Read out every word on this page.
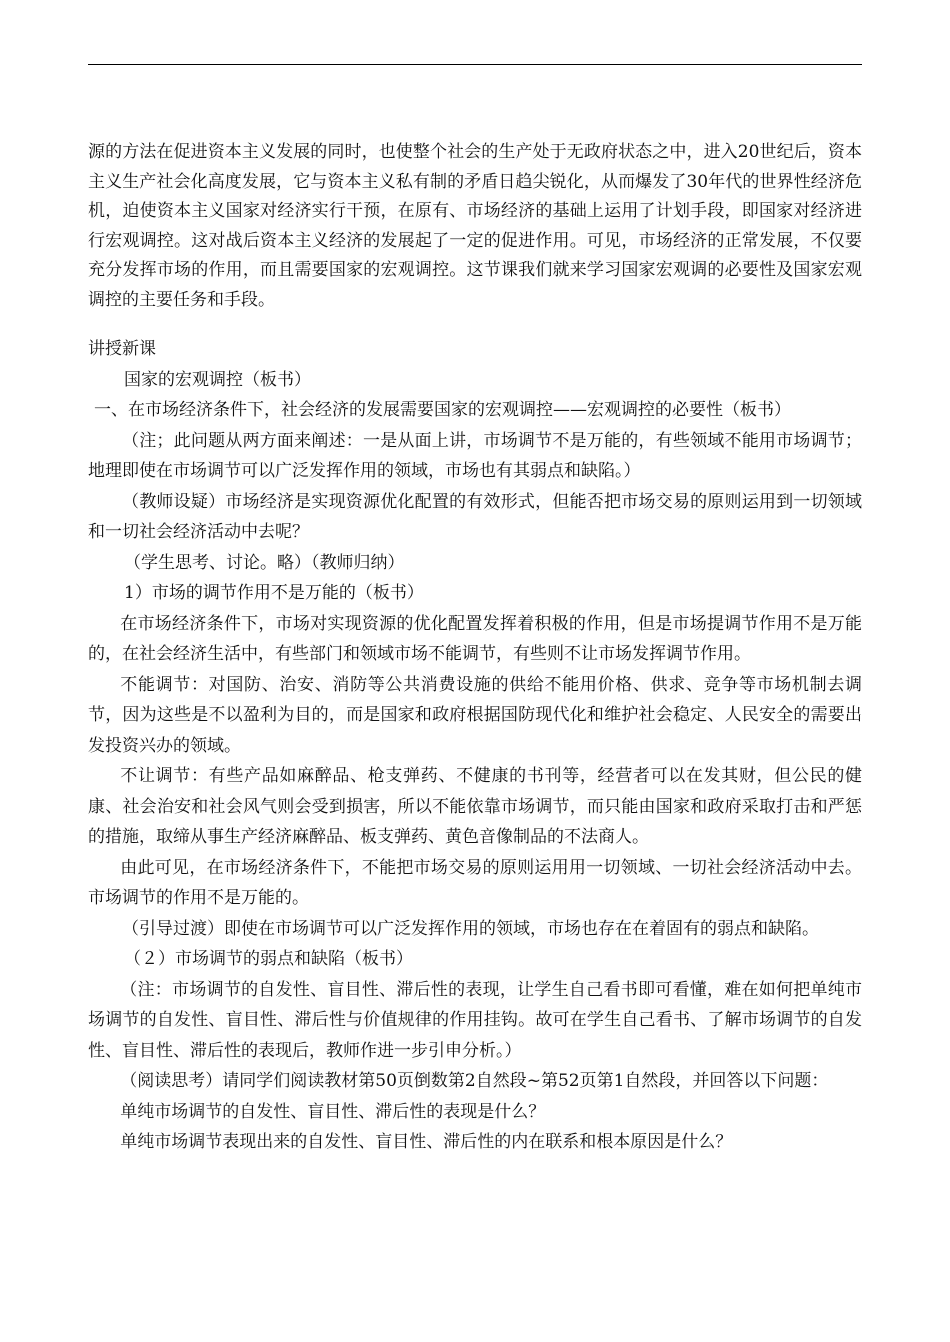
源的方法在促进资本主义发展的同时，也使整个社会的生产处于无政府状态之中，进入20世纪后，资本主义生产社会化高度发展，它与资本主义私有制的矛盾日趋尖锐化，从而爆发了30年代的世界性经济危机，迫使资本主义国家对经济实行干预，在原有、市场经济的基础上运用了计划手段，即国家对经济进行宏观调控。这对战后资本主义经济的发展起了一定的促进作用。可见，市场经济的正常发展，不仅要充分发挥市场的作用，而且需要国家的宏观调控。这节课我们就来学习国家宏观调的必要性及国家宏观调控的主要任务和手段。

讲授新课

国家的宏观调控（板书）

一、在市场经济条件下，社会经济的发展需要国家的宏观调控——宏观调控的必要性（板书）

（注；此问题从两方面来阐述：一是从面上讲，市场调节不是万能的，有些领域不能用市场调节；地理即使在市场调节可以广泛发挥作用的领域，市场也有其弱点和缺陷。）

（教师设疑）市场经济是实现资源优化配置的有效形式，但能否把市场交易的原则运用到一切领域和一切社会经济活动中去呢？

（学生思考、讨论。略）（教师归纳）

1）市场的调节作用不是万能的（板书）

在市场经济条件下，市场对实现资源的优化配置发挥着积极的作用，但是市场提调节作用不是万能的，在社会经济生活中，有些部门和领域市场不能调节，有些则不让市场发挥调节作用。

不能调节：对国防、治安、消防等公共消费设施的供给不能用价格、供求、竞争等市场机制去调节，因为这些是不以盈利为目的，而是国家和政府根据国防现代化和维护社会稳定、人民安全的需要出发投资兴办的领域。

不让调节：有些产品如麻醉品、枪支弹药、不健康的书刊等，经营者可以在发其财，但公民的健康、社会治安和社会风气则会受到损害，所以不能依靠市场调节，而只能由国家和政府采取打击和严惩的措施，取缔从事生产经济麻醉品、板支弹药、黄色音像制品的不法商人。

由此可见，在市场经济条件下，不能把市场交易的原则运用用一切领域、一切社会经济活动中去。市场调节的作用不是万能的。

（引导过渡）即使在市场调节可以广泛发挥作用的领域，市场也存在在着固有的弱点和缺陷。

（２）市场调节的弱点和缺陷（板书）

（注：市场调节的自发性、盲目性、滞后性的表现，让学生自己看书即可看懂，难在如何把单纯市场调节的自发性、盲目性、滞后性与价值规律的作用挂钩。故可在学生自己看书、了解市场调节的自发性、盲目性、滞后性的表现后，教师作进一步引申分析。）

（阅读思考）请同学们阅读教材第50页倒数第2自然段~第52页第1自然段，并回答以下问题：

单纯市场调节的自发性、盲目性、滞后性的表现是什么？

单纯市场调节表现出来的自发性、盲目性、滞后性的内在联系和根本原因是什么？
